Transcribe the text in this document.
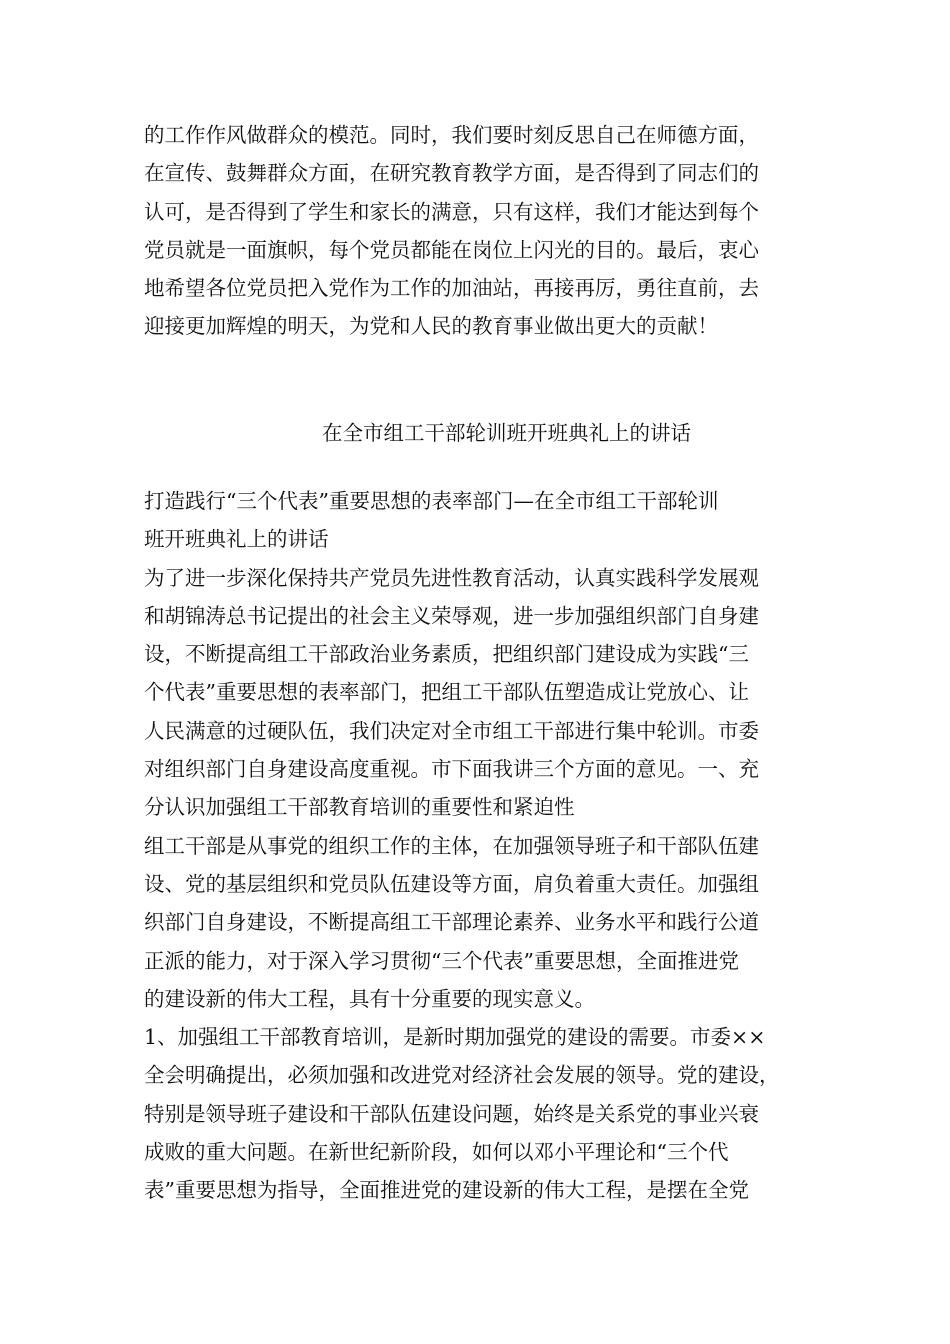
的工作作风做群众的模范。同时，我们要时刻反思自己在师德方面，
在宣传、鼓舞群众方面，在研究教育教学方面，是否得到了同志们的
认可，是否得到了学生和家长的满意，只有这样，我们才能达到每个
党员就是一面旗帜，每个党员都能在岗位上闪光的目的。最后，衷心
地希望各位党员把入党作为工作的加油站，再接再厉，勇往直前，去
迎接更加辉煌的明天，为党和人民的教育事业做出更大的贡献！
在全市组工干部轮训班开班典礼上的讲话
打造践行“三个代表”重要思想的表率部门—在全市组工干部轮训
班开班典礼上的讲话
为了进一步深化保持共产党员先进性教育活动，认真实践科学发展观
和胡锦涛总书记提出的社会主义荣辱观，进一步加强组织部门自身建
设，不断提高组工干部政治业务素质，把组织部门建设成为实践“三
个代表”重要思想的表率部门，把组工干部队伍塑造成让党放心、让
人民满意的过硬队伍，我们决定对全市组工干部进行集中轮训。市委
对组织部门自身建设高度重视。市下面我讲三个方面的意见。一、充
分认识加强组工干部教育培训的重要性和紧迫性
组工干部是从事党的组织工作的主体，在加强领导班子和干部队伍建
设、党的基层组织和党员队伍建设等方面，肩负着重大责任。加强组
织部门自身建设，不断提高组工干部理论素养、业务水平和践行公道
正派的能力，对于深入学习贯彻“三个代表”重要思想，全面推进党
的建设新的伟大工程，具有十分重要的现实意义。
1、加强组工干部教育培训，是新时期加强党的建设的需要。市委××
全会明确提出，必须加强和改进党对经济社会发展的领导。党的建设，
特别是领导班子建设和干部队伍建设问题，始终是关系党的事业兴衰
成败的重大问题。在新世纪新阶段，如何以邓小平理论和“三个代
表”重要思想为指导，全面推进党的建设新的伟大工程，是摆在全党
